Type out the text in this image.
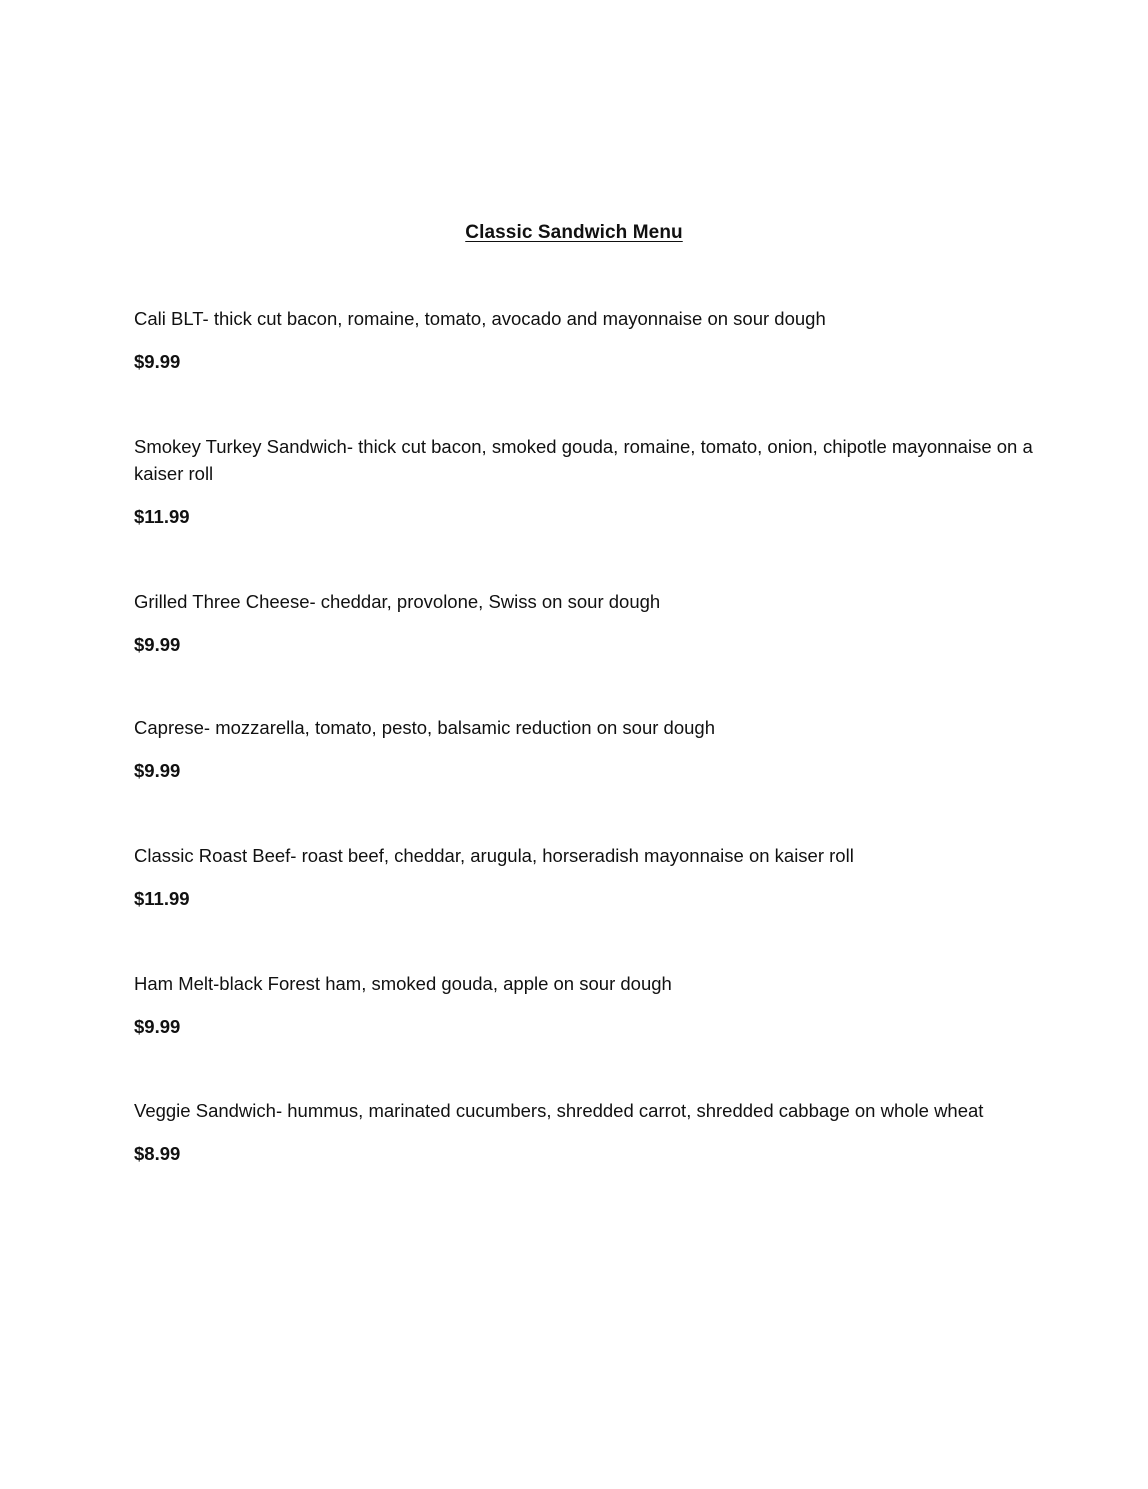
Classic Sandwich Menu

Cali BLT- thick cut bacon, romaine, tomato, avocado and mayonnaise on sour dough

$9.99

Smokey Turkey Sandwich- thick cut bacon, smoked gouda, romaine, tomato, onion, chipotle mayonnaise on a kaiser roll

$11.99

Grilled Three Cheese- cheddar, provolone, Swiss on sour dough

$9.99

Caprese- mozzarella, tomato, pesto, balsamic reduction on sour dough

$9.99

Classic Roast Beef- roast beef, cheddar, arugula, horseradish mayonnaise on kaiser roll

$11.99

Ham Melt-black Forest ham, smoked gouda, apple on sour dough

$9.99

Veggie Sandwich- hummus, marinated cucumbers, shredded carrot, shredded cabbage on whole wheat

$8.99
